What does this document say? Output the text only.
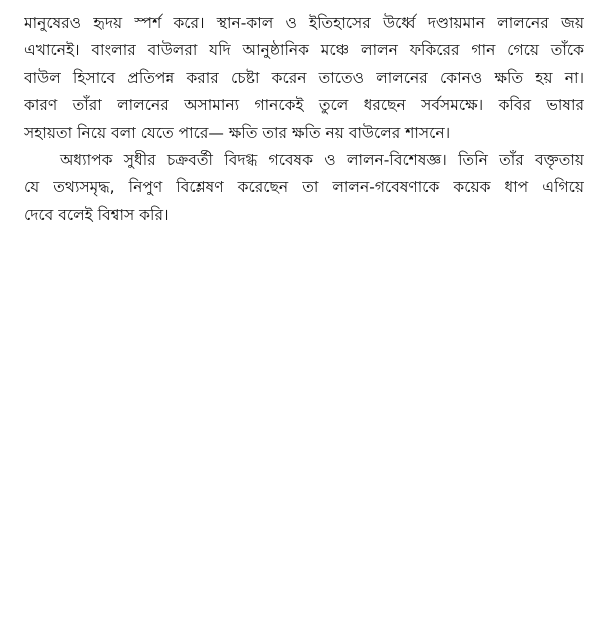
মানুষেরও হৃদয় স্পর্শ করে। স্থান-কাল ও ইতিহাসের উর্ধ্বে দণ্ডায়মান লালনের জয়
এখানেই। বাংলার বাউলরা যদি আনুষ্ঠানিক মঞ্চে লালন ফকিরের গান গেয়ে তাঁকে
বাউল হিসাবে প্রতিপন্ন করার চেষ্টা করেন তাতেও লালনের কোনও ক্ষতি হয় না।
কারণ তাঁরা লালনের অসামান্য গানকেই তুলে ধরছেন সর্বসমক্ষে। কবির ভাষার
সহায়তা নিয়ে বলা যেতে পারে— ক্ষতি তার ক্ষতি নয় বাউলের শাসনে।

অধ্যাপক সুধীর চক্রবর্তী বিদগ্ধ গবেষক ও লালন-বিশেষজ্ঞ। তিনি তাঁর বক্তৃতায়
যে তথ্যসমৃদ্ধ, নিপুণ বিশ্লেষণ করেছেন তা লালন-গবেষণাকে কয়েক ধাপ এগিয়ে
দেবে বলেই বিশ্বাস করি।
